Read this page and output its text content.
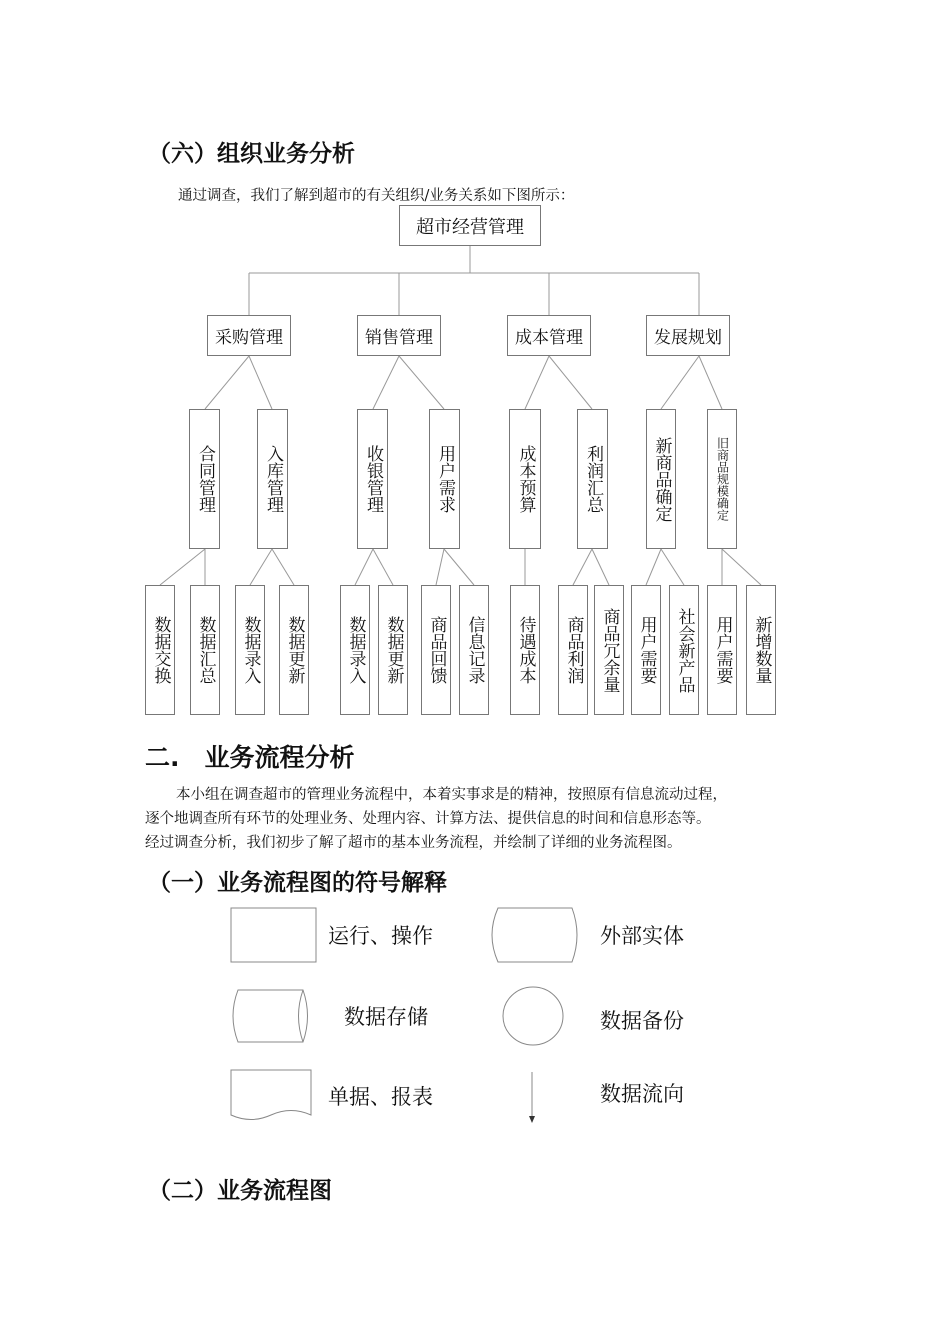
（六）组织业务分析
通过调查，我们了解到超市的有关组织/业务关系如下图所示：
超市经营管理
采购管理	销售管理	成本管理	发展规划
合同管理	入库管理	收银管理	用户需求	成本预算	利润汇总	新商品确定	旧商品规模确定
数据交换	数据汇总	数据录入	数据更新	数据录入	数据更新	商品回馈	信息记录	待遇成本	商品利润 商品冗余量	用户需要	社会新产品	用户需要	新增数量
二.　业务流程分析
本小组在调查超市的管理业务流程中，本着实事求是的精神，按照原有信息流动过程，
逐个地调查所有环节的处理业务、处理内容、计算方法、提供信息的时间和信息形态等。
经过调查分析，我们初步了解了超市的基本业务流程，并绘制了详细的业务流程图。
（一）业务流程图的符号解释
运行、操作	外部实体
数据存储	数据备份
单据、报表	数据流向
（二）业务流程图
